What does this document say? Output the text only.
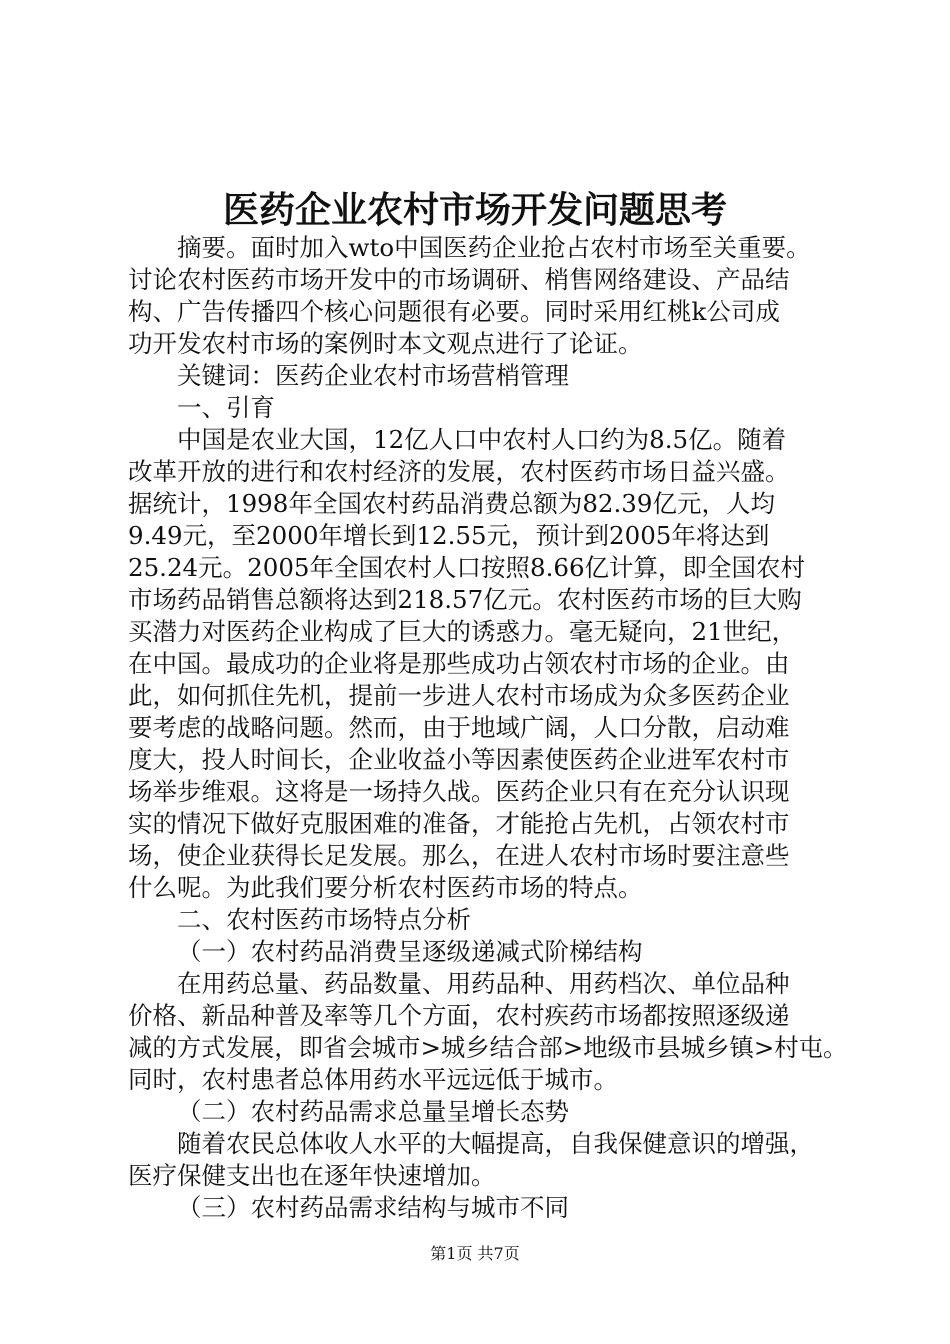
医药企业农村市场开发问题思考
摘要。面时加入wto中国医药企业抢占农村市场至关重要。
讨论农村医药市场开发中的市场调研、梢售网络建设、产品结
构、广告传播四个核心问题很有必要。同时采用红桃k公司成
功开发农村市场的案例时本文观点进行了论证。
关键词：医药企业农村市场营梢管理
一、引育
中国是农业大国，12亿人口中农村人口约为8.5亿。随着
改革开放的进行和农村经济的发展，农村医药市场日益兴盛。
据统计，1998年全国农村药品消费总额为82.39亿元，人均
9.49元，至2000年增长到12.55元，预计到2005年将达到
25.24元。2005年全国农村人口按照8.66亿计算，即全国农村
市场药品销售总额将达到218.57亿元。农村医药市场的巨大购
买潜力对医药企业构成了巨大的诱惑力。毫无疑向，21世纪，
在中国。最成功的企业将是那些成功占领农村市场的企业。由
此，如何抓住先机，提前一步进人农村市场成为众多医药企业
要考虑的战略问题。然而，由于地域广阔，人口分散，启动难
度大，投人时间长，企业收益小等因素使医药企业进军农村市
场举步维艰。这将是一场持久战。医药企业只有在充分认识现
实的情况下做好克服困难的准备，才能抢占先机，占领农村市
场，使企业获得长足发展。那么，在进人农村市场时要注意些
什么呢。为此我们要分析农村医药市场的特点。
二、农村医药市场特点分析
（一）农村药品消费呈逐级递减式阶梯结构
在用药总量、药品数量、用药品种、用药档次、单位品种
价格、新品种普及率等几个方面，农村疾药市场都按照逐级递
减的方式发展，即省会城市>城乡结合部>地级市县城乡镇>村屯。
同时，农村患者总体用药水平远远低于城市。
（二）农村药品需求总量呈增长态势
随着农民总体收人水平的大幅提高，自我保健意识的增强，
医疗保健支出也在逐年快速增加。
（三）农村药品需求结构与城市不同
第1页 共7页
